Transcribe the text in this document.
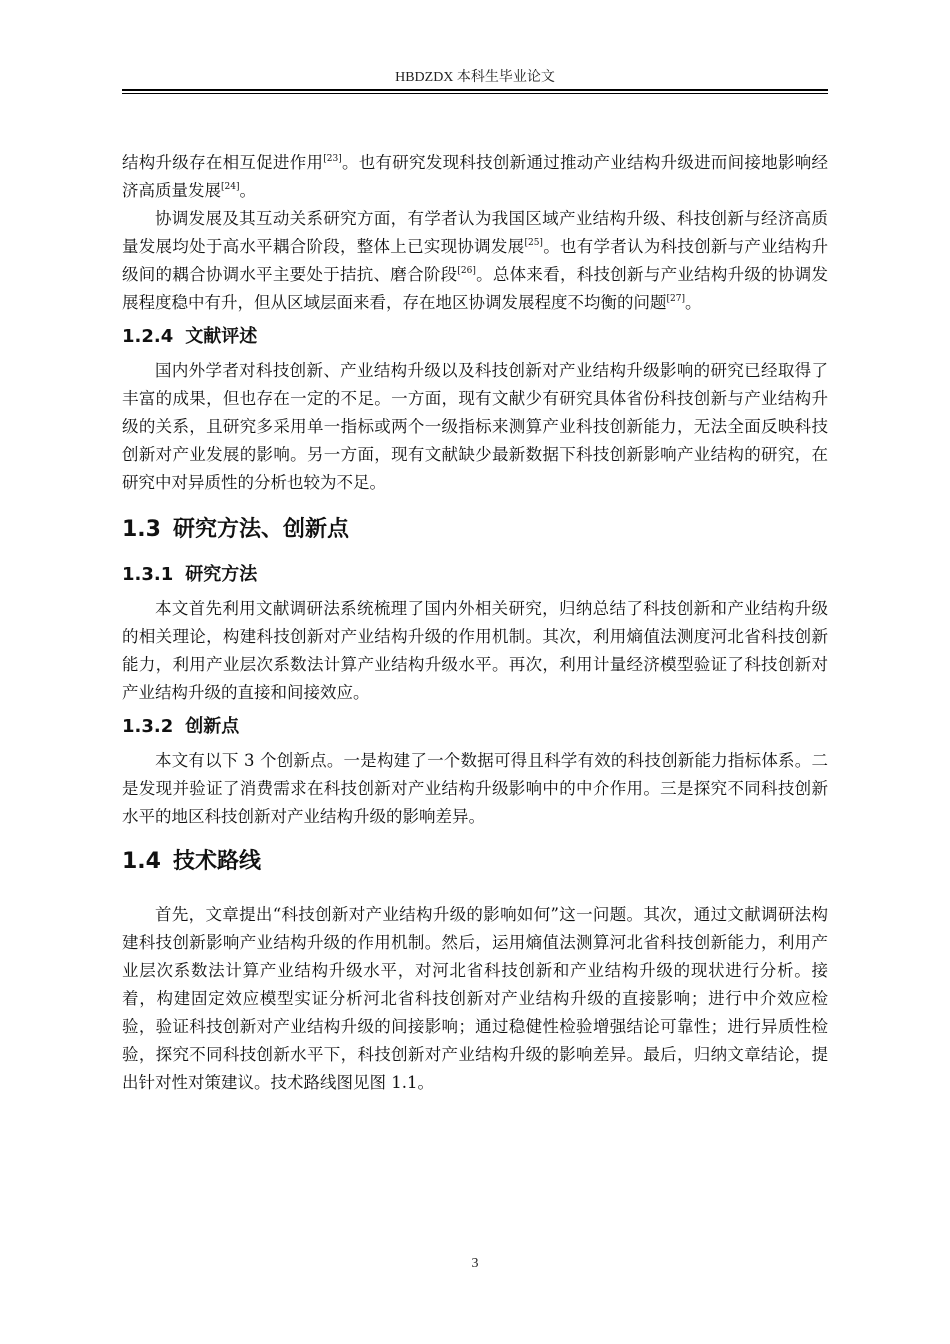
HBDZDX 本科生毕业论文

结构升级存在相互促进作用[23]。也有研究发现科技创新通过推动产业结构升级进而间接地影响经济高质量发展[24]。

协调发展及其互动关系研究方面，有学者认为我国区域产业结构升级、科技创新与经济高质量发展均处于高水平耦合阶段，整体上已实现协调发展[25]。也有学者认为科技创新与产业结构升级间的耦合协调水平主要处于拮抗、磨合阶段[26]。总体来看，科技创新与产业结构升级的协调发展程度稳中有升，但从区域层面来看，存在地区协调发展程度不均衡的问题[27]。

1.2.4 文献评述

国内外学者对科技创新、产业结构升级以及科技创新对产业结构升级影响的研究已经取得了丰富的成果，但也存在一定的不足。一方面，现有文献少有研究具体省份科技创新与产业结构升级的关系，且研究多采用单一指标或两个一级指标来测算产业科技创新能力，无法全面反映科技创新对产业发展的影响。另一方面，现有文献缺少最新数据下科技创新影响产业结构的研究，在研究中对异质性的分析也较为不足。

1.3 研究方法、创新点
1.3.1 研究方法

本文首先利用文献调研法系统梳理了国内外相关研究，归纳总结了科技创新和产业结构升级的相关理论，构建科技创新对产业结构升级的作用机制。其次，利用熵值法测度河北省科技创新能力，利用产业层次系数法计算产业结构升级水平。再次，利用计量经济模型验证了科技创新对产业结构升级的直接和间接效应。

1.3.2 创新点

本文有以下 3 个创新点。一是构建了一个数据可得且科学有效的科技创新能力指标体系。二是发现并验证了消费需求在科技创新对产业结构升级影响中的中介作用。三是探究不同科技创新水平的地区科技创新对产业结构升级的影响差异。

1.4 技术路线

首先，文章提出“科技创新对产业结构升级的影响如何”这一问题。其次，通过文献调研法构建科技创新影响产业结构升级的作用机制。然后，运用熵值法测算河北省科技创新能力，利用产业层次系数法计算产业结构升级水平，对河北省科技创新和产业结构升级的现状进行分析。接着，构建固定效应模型实证分析河北省科技创新对产业结构升级的直接影响；进行中介效应检验，验证科技创新对产业结构升级的间接影响；通过稳健性检验增强结论可靠性；进行异质性检验，探究不同科技创新水平下，科技创新对产业结构升级的影响差异。最后，归纳文章结论，提出针对性对策建议。技术路线图见图 1.1。

3
